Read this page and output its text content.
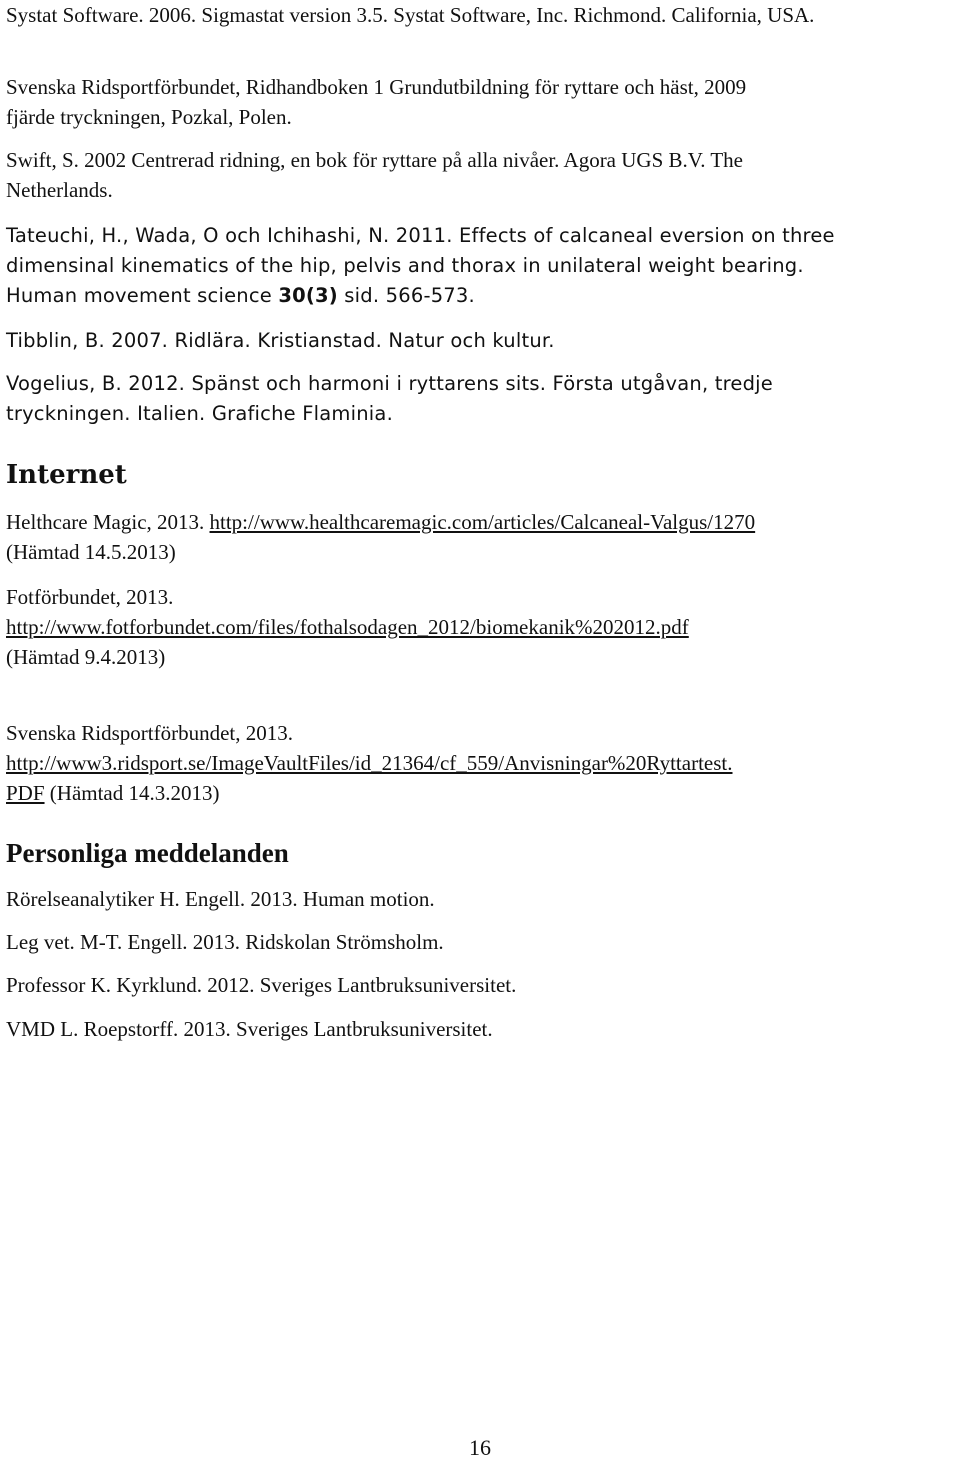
Systat Software. 2006. Sigmastat version 3.5. Systat Software, Inc. Richmond. California, USA.

Svenska Ridsportförbundet, Ridhandboken 1 Grundutbildning för ryttare och häst, 2009
fjärde tryckningen, Pozkal, Polen.

Swift, S. 2002 Centrerad ridning, en bok för ryttare på alla nivåer. Agora UGS B.V. The
Netherlands.

Tateuchi, H., Wada, O och Ichihashi, N. 2011. Effects of calcaneal eversion on three
dimensinal kinematics of the hip, pelvis and thorax in unilateral weight bearing.
Human movement science 30(3) sid. 566-573.

Tibblin, B. 2007. Ridlära. Kristianstad. Natur och kultur.

Vogelius, B. 2012. Spänst och harmoni i ryttarens sits. Första utgåvan, tredje
tryckningen. Italien. Grafiche Flaminia.

Internet

Helthcare Magic, 2013. http://www.healthcaremagic.com/articles/Calcaneal-Valgus/1270
(Hämtad 14.5.2013)

Fotförbundet, 2013.
http://www.fotforbundet.com/files/fothalsodagen_2012/biomekanik%202012.pdf
(Hämtad 9.4.2013)

Svenska Ridsportförbundet, 2013.
http://www3.ridsport.se/ImageVaultFiles/id_21364/cf_559/Anvisningar%20Ryttartest.
PDF (Hämtad 14.3.2013)

Personliga meddelanden

Rörelseanalytiker H. Engell. 2013. Human motion.

Leg vet. M-T. Engell. 2013. Ridskolan Strömsholm.

Professor K. Kyrklund. 2012. Sveriges Lantbruksuniversitet.

VMD L. Roepstorff. 2013. Sveriges Lantbruksuniversitet.

16
